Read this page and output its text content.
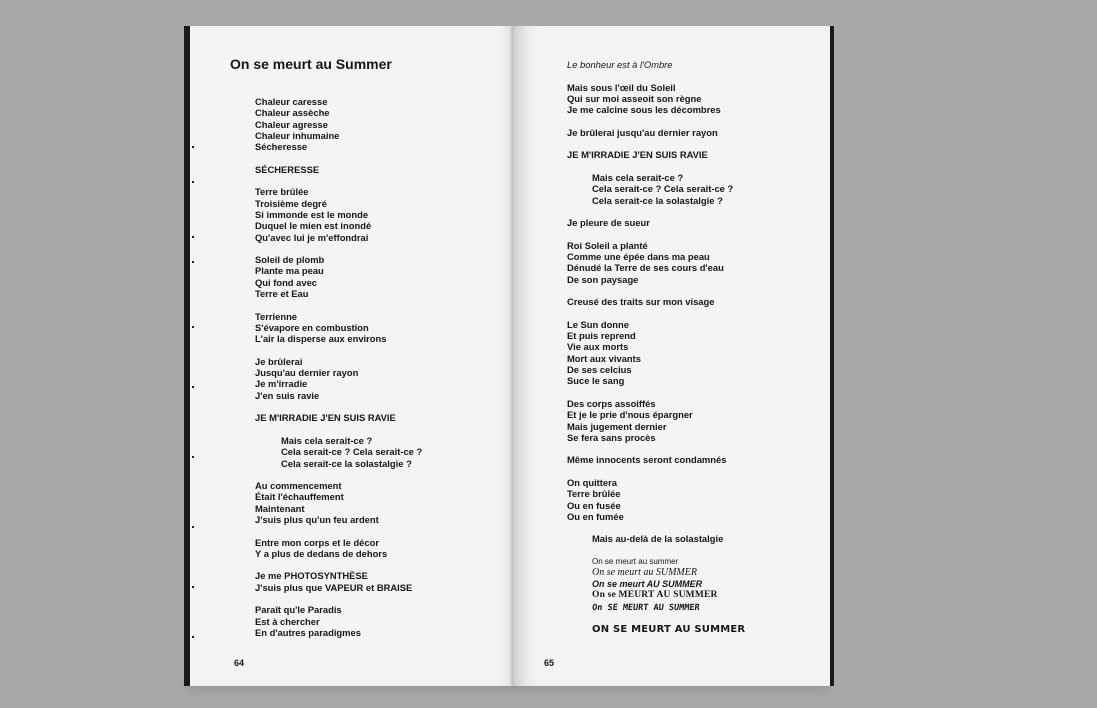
On se meurt au Summer
Chaleur caresse
Chaleur assèche
Chaleur agresse
Chaleur inhumaine
Sécheresse
SÉCHERESSE
Terre brûlée
Troisième degré
Si immonde est le monde
Duquel le mien est inondé
Qu'avec lui je m'effondrai
Soleil de plomb
Plante ma peau
Qui fond avec
Terre et Eau
Terrienne
S'évapore en combustion
L'air la disperse aux environs
Je brûlerai
Jusqu'au dernier rayon
Je m'irradie
J'en suis ravie
JE M'IRRADIE J'EN SUIS RAVIE
Mais cela serait-ce ?
Cela serait-ce ? Cela serait-ce ?
Cela serait-ce la solastalgie ?
Au commencement
Était l'échauffement
Maintenant
J'suis plus qu'un feu ardent
Entre mon corps et le décor
Y a plus de dedans de dehors
Je me PHOTOSYNTHÈSE
J'suis plus que VAPEUR et BRAISE
Paraît qu'le Paradis
Est à chercher
En d'autres paradigmes
64
Le bonheur est à l'Ombre
Mais sous l'œil du Soleil
Qui sur moi asseoit son règne
Je me calcine sous les décombres
Je brûlerai jusqu'au dernier rayon
JE M'IRRADIE J'EN SUIS RAVIE
Mais cela serait-ce ?
Cela serait-ce ? Cela serait-ce ?
Cela serait-ce la solastalgie ?
Je pleure de sueur
Roi Soleil a planté
Comme une épée dans ma peau
Dénudé la Terre de ses cours d'eau
De son paysage
Creusé des traits sur mon visage
Le Sun donne
Et puis reprend
Vie aux morts
Mort aux vivants
De ses celcius
Suce le sang
Des corps assoiffés
Et je le prie d'nous épargner
Mais jugement dernier
Se fera sans procès
Même innocents seront condamnés
On quittera
Terre brûlée
Ou en fusée
Ou en fumée
Mais au-delà de la solastalgie
On se meurt au summer
On se meurt au SUMMER
On se meurt AU SUMMER
On se MEURT AU SUMMER
On SE MEURT AU SUMMER
ON SE MEURT AU SUMMER
65
